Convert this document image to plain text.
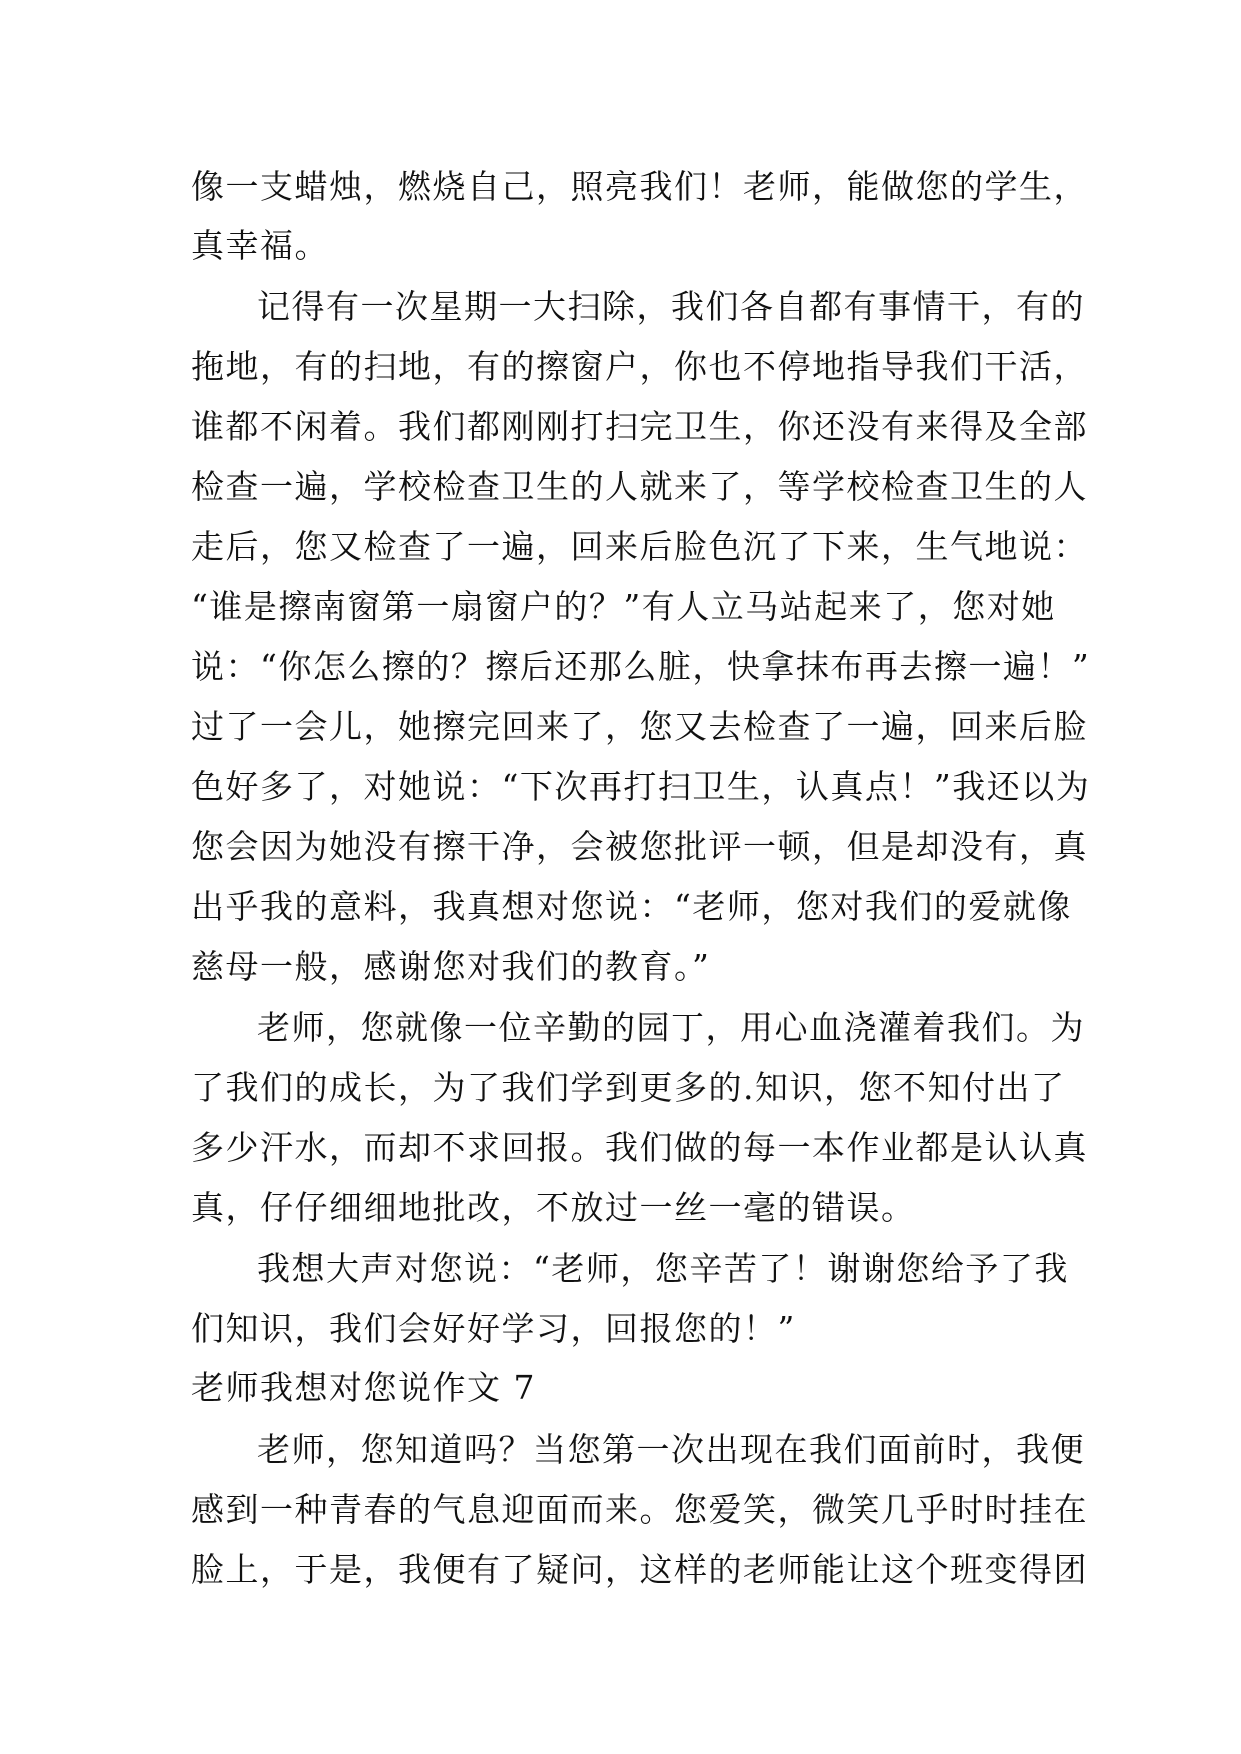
像一支蜡烛，燃烧自己，照亮我们！老师，能做您的学生，

真幸福。

记得有一次星期一大扫除，我们各自都有事情干，有的

拖地，有的扫地，有的擦窗户，你也不停地指导我们干活，

谁都不闲着。我们都刚刚打扫完卫生，你还没有来得及全部

检查一遍，学校检查卫生的人就来了，等学校检查卫生的人

走后，您又检查了一遍，回来后脸色沉了下来，生气地说：

“谁是擦南窗第一扇窗户的？”有人立马站起来了，您对她

说：“你怎么擦的？擦后还那么脏，快拿抹布再去擦一遍！”

过了一会儿，她擦完回来了，您又去检查了一遍，回来后脸

色好多了，对她说：“下次再打扫卫生，认真点！”我还以为

您会因为她没有擦干净，会被您批评一顿，但是却没有，真

出乎我的意料，我真想对您说：“老师，您对我们的爱就像

慈母一般，感谢您对我们的教育。”

老师，您就像一位辛勤的园丁，用心血浇灌着我们。为

了我们的成长，为了我们学到更多的.知识，您不知付出了

多少汗水，而却不求回报。我们做的每一本作业都是认认真

真，仔仔细细地批改，不放过一丝一毫的错误。

我想大声对您说：“老师，您辛苦了！谢谢您给予了我

们知识，我们会好好学习，回报您的！”

老师我想对您说作文 7

老师，您知道吗？当您第一次出现在我们面前时，我便

感到一种青春的气息迎面而来。您爱笑，微笑几乎时时挂在

脸上，于是，我便有了疑问，这样的老师能让这个班变得团
